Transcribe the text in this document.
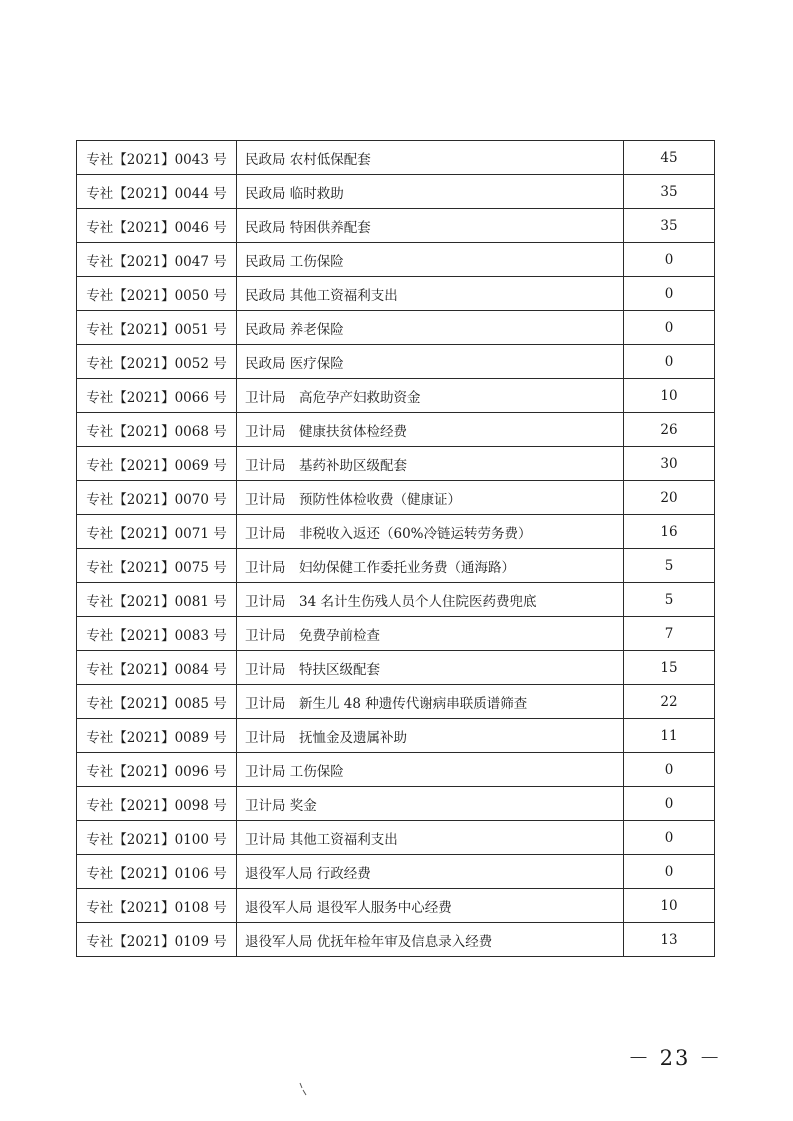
专社【2021】0043 号	民政局 农村低保配套	45
专社【2021】0044 号	民政局 临时救助	35
专社【2021】0046 号	民政局 特困供养配套	35
专社【2021】0047 号	民政局 工伤保险	0
专社【2021】0050 号	民政局 其他工资福利支出	0
专社【2021】0051 号	民政局 养老保险	0
专社【2021】0052 号	民政局 医疗保险	0
专社【2021】0066 号	卫计局　高危孕产妇救助资金	10
专社【2021】0068 号	卫计局　健康扶贫体检经费	26
专社【2021】0069 号	卫计局　基药补助区级配套	30
专社【2021】0070 号	卫计局　预防性体检收费（健康证）	20
专社【2021】0071 号	卫计局　非税收入返还（60%冷链运转劳务费）	16
专社【2021】0075 号	卫计局　妇幼保健工作委托业务费（通海路）	5
专社【2021】0081 号	卫计局　34 名计生伤残人员个人住院医药费兜底	5
专社【2021】0083 号	卫计局　免费孕前检查	7
专社【2021】0084 号	卫计局　特扶区级配套	15
专社【2021】0085 号	卫计局　新生儿 48 种遗传代谢病串联质谱筛查	22
专社【2021】0089 号	卫计局　抚恤金及遗属补助	11
专社【2021】0096 号	卫计局 工伤保险	0
专社【2021】0098 号	卫计局 奖金	0
专社【2021】0100 号	卫计局 其他工资福利支出	0
专社【2021】0106 号	退役军人局 行政经费	0
专社【2021】0108 号	退役军人局 退役军人服务中心经费	10
专社【2021】0109 号	退役军人局 优抚年检年审及信息录入经费	13
－ 23 －
